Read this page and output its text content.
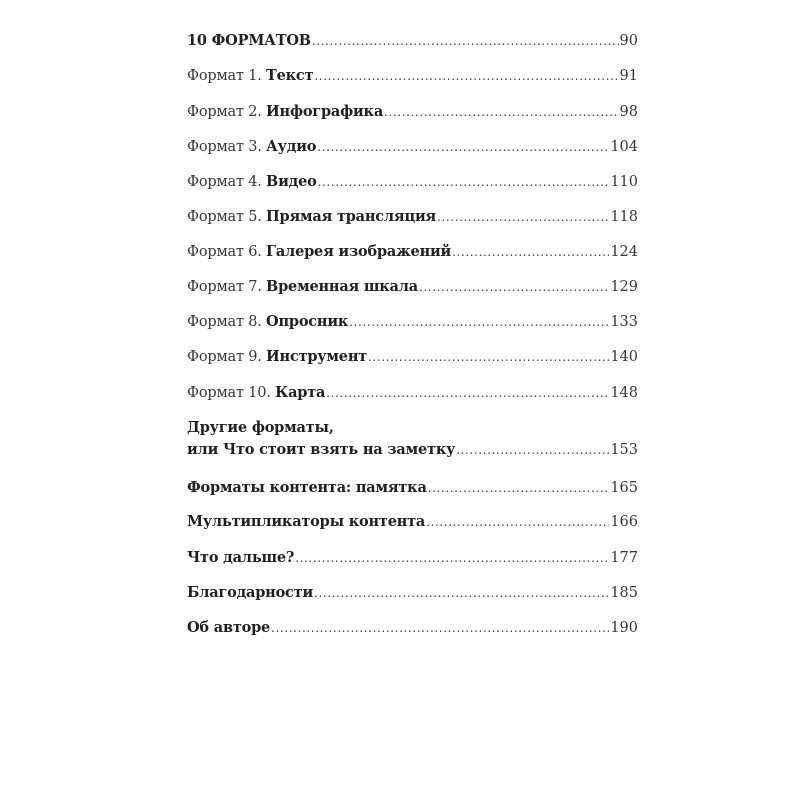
10 ФОРМАТОВ .....	90
Формат 1. Текст .....	91
Формат 2. Инфографика .....	98
Формат 3. Аудио .....	104
Формат 4. Видео .....	110
Формат 5. Прямая трансляция .....	118
Формат 6. Галерея изображений .....	124
Формат 7. Временная шкала .....	129
Формат 8. Опросник .....	133
Формат 9. Инструмент .....	140
Формат 10. Карта .....	148
Другие форматы,
или Что стоит взять на заметку .....	153
Форматы контента: памятка .....	165
Мультипликаторы контента .....	166
Что дальше? .....	177
Благодарности .....	185
Об авторе .....	190
